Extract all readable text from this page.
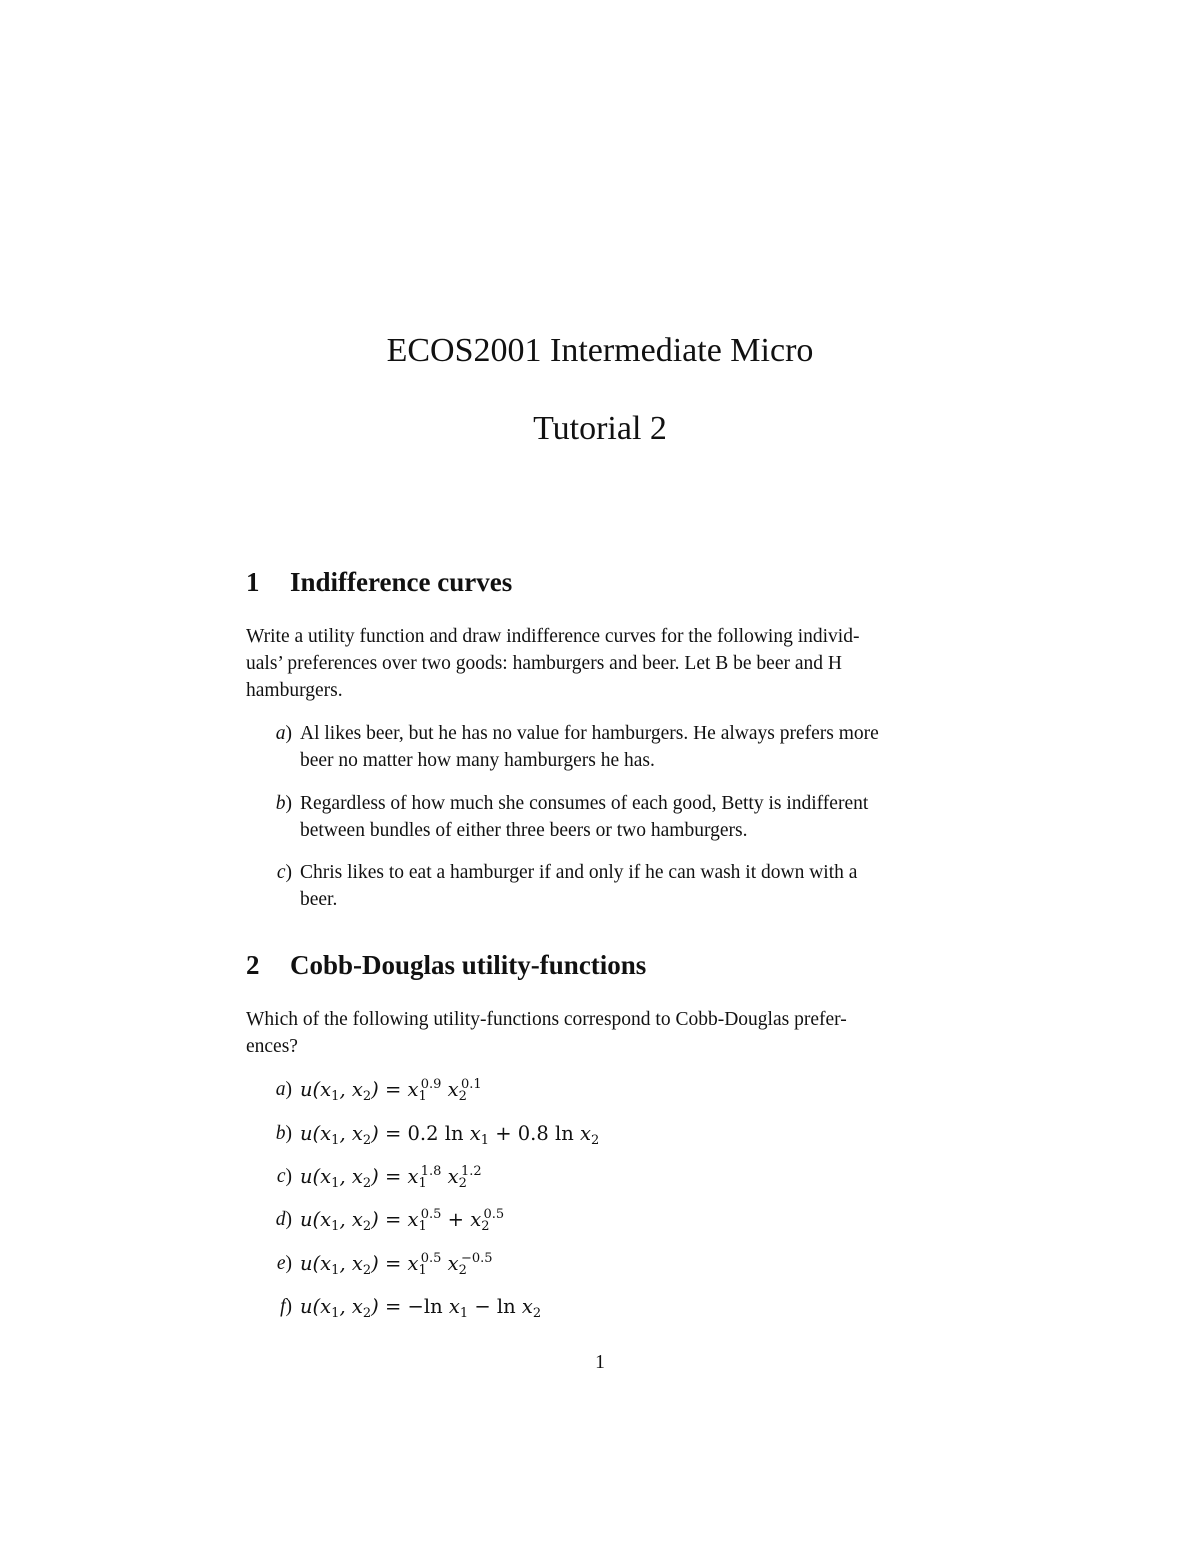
ECOS2001 Intermediate Micro
Tutorial 2
1 Indifference curves
Write a utility function and draw indifference curves for the following individ-
uals’ preferences over two goods: hamburgers and beer. Let B be beer and H
hamburgers.
a) Al likes beer, but he has no value for hamburgers. He always prefers more
beer no matter how many hamburgers he has.
b) Regardless of how much she consumes of each good, Betty is indifferent
between bundles of either three beers or two hamburgers.
c) Chris likes to eat a hamburger if and only if he can wash it down with a
beer.
2 Cobb-Douglas utility-functions
Which of the following utility-functions correspond to Cobb-Douglas prefer-
ences?
a) $u(x_1$, $x_2) = x_1^{0.9}$ $x_2^{0.1}$
b) $u(x_1$, $x_2) = 0.2$ $\ln x_1 + 0.8$ $\ln x_2$
c) $u(x_1$, $x_2) = x_1^{1.8}$ $x_2^{1.2}$
d) $u(x_1$, $x_2) = x_1^{0.5} + x_2^{0.5}$
e) $u(x_1$, $x_2) = x_1^{0.5}$ $x_2^{-0.5}$
f) $u(x_1$, $x_2) = -\ln$ $x_1 - \ln x_2$
1
